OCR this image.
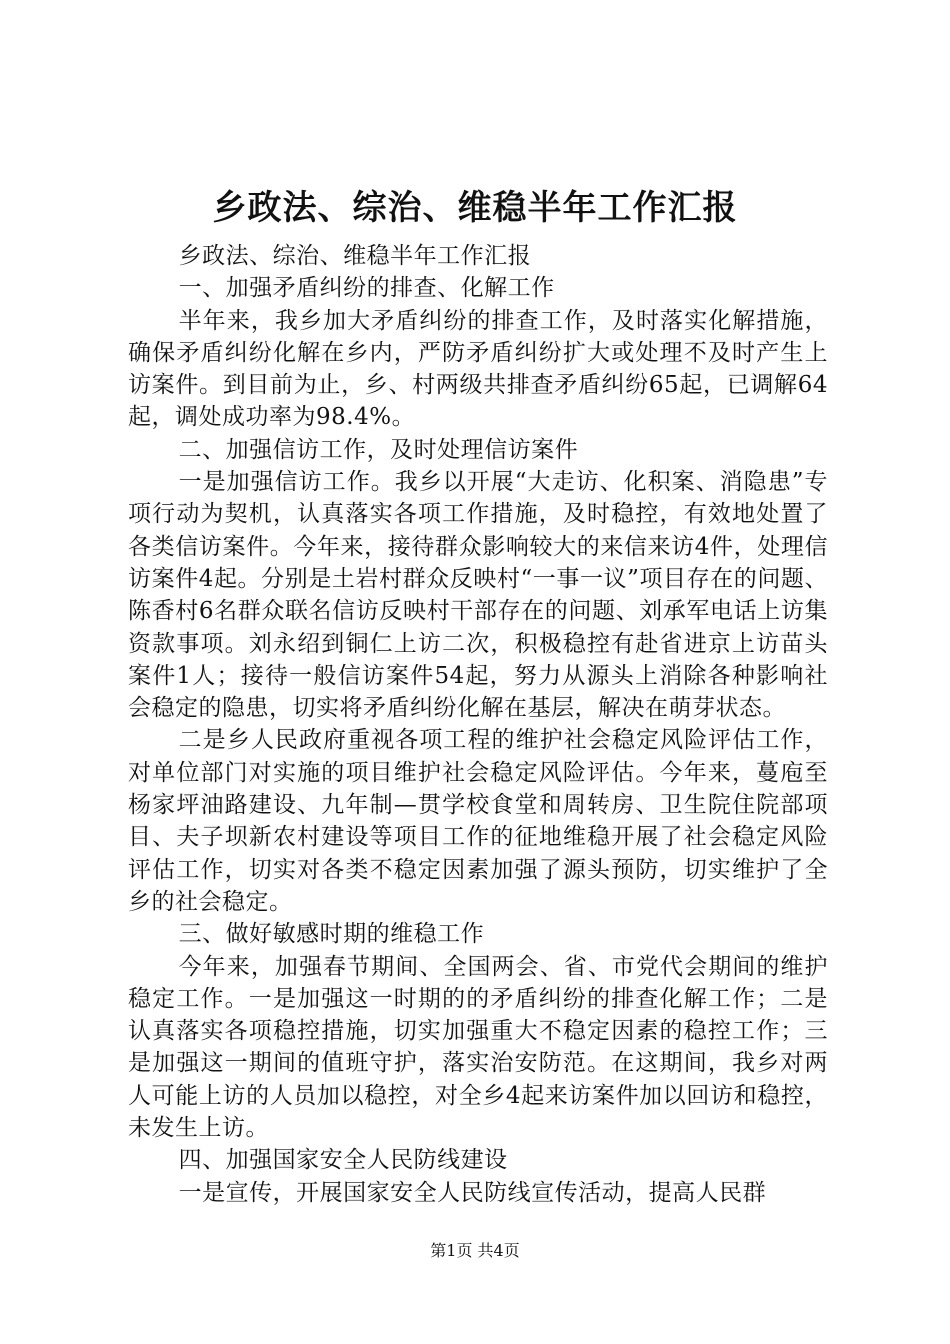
乡政法、综治、维稳半年工作汇报

乡政法、综治、维稳半年工作汇报

一、加强矛盾纠纷的排查、化解工作

半年来，我乡加大矛盾纠纷的排查工作，及时落实化解措施，确保矛盾纠纷化解在乡内，严防矛盾纠纷扩大或处理不及时产生上访案件。到目前为止，乡、村两级共排查矛盾纠纷65起，已调解64起，调处成功率为98.4%。

二、加强信访工作，及时处理信访案件

一是加强信访工作。我乡以开展“大走访、化积案、消隐患”专项行动为契机，认真落实各项工作措施，及时稳控，有效地处置了各类信访案件。今年来，接待群众影响较大的来信来访4件，处理信访案件4起。分别是土岩村群众反映村“一事一议”项目存在的问题、陈香村6名群众联名信访反映村干部存在的问题、刘承军电话上访集资款事项。刘永绍到铜仁上访二次，积极稳控有赴省进京上访苗头案件1人；接待一般信访案件54起，努力从源头上消除各种影响社会稳定的隐患，切实将矛盾纠纷化解在基层，解决在萌芽状态。

二是乡人民政府重视各项工程的维护社会稳定风险评估工作，对单位部门对实施的项目维护社会稳定风险评估。今年来，蔓庖至杨家坪油路建设、九年制—贯学校食堂和周转房、卫生院住院部项目、夫子坝新农村建设等项目工作的征地维稳开展了社会稳定风险评估工作，切实对各类不稳定因素加强了源头预防，切实维护了全乡的社会稳定。

三、做好敏感时期的维稳工作

今年来，加强春节期间、全国两会、省、市党代会期间的维护稳定工作。一是加强这一时期的的矛盾纠纷的排查化解工作；二是认真落实各项稳控措施，切实加强重大不稳定因素的稳控工作；三是加强这一期间的值班守护，落实治安防范。在这期间，我乡对两人可能上访的人员加以稳控，对全乡4起来访案件加以回访和稳控，未发生上访。

四、加强国家安全人民防线建设

一是宣传，开展国家安全人民防线宣传活动，提高人民群

第1页 共4页
